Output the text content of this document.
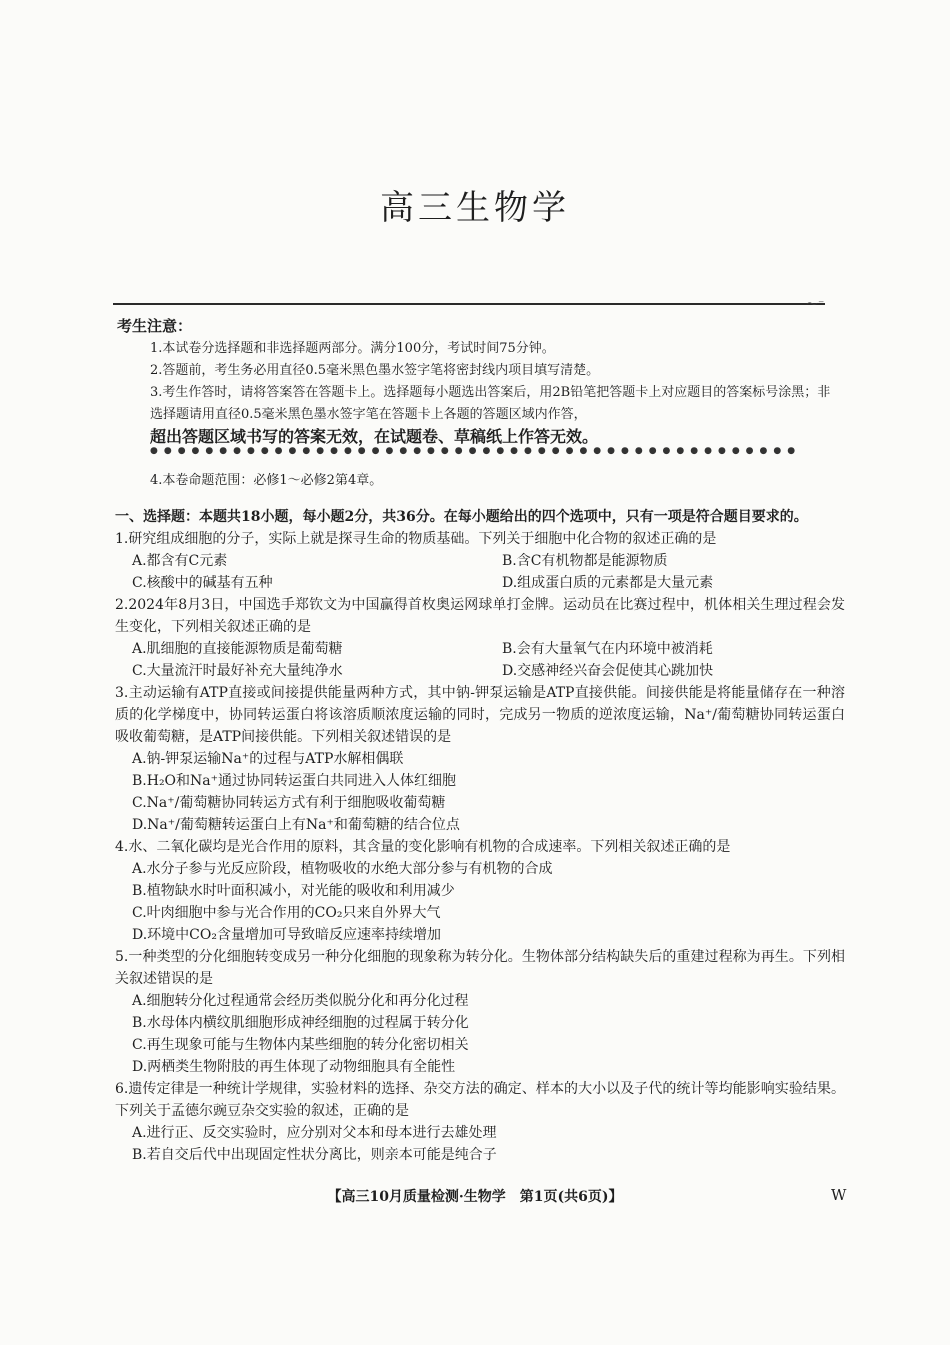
高三生物学
～⁻
考生注意：
1.本试卷分选择题和非选择题两部分。满分100分，考试时间75分钟。
2.答题前，考生务必用直径0.5毫米黑色墨水签字笔将密封线内项目填写清楚。
3.考生作答时，请将答案答在答题卡上。选择题每小题选出答案后，用2B铅笔把答题卡上对应题目的答案标号涂黑；非选择题请用直径0.5毫米黑色墨水签字笔在答题卡上各题的答题区域内作答，
超出答题区域书写的答案无效，在试题卷、草稿纸上作答无效。
●●●●●●●●●●●●●●●●●●●●●●●●●●●●●●●●●●●●●●●●●●●●●●●
4.本卷命题范围：必修1～必修2第4章。
一、选择题：本题共18小题，每小题2分，共36分。在每小题给出的四个选项中，只有一项是符合题目要求的。
1.研究组成细胞的分子，实际上就是探寻生命的物质基础。下列关于细胞中化合物的叙述正确的是
A.都含有C元素	B.含C有机物都是能源物质
C.核酸中的碱基有五种	D.组成蛋白质的元素都是大量元素
2.2024年8月3日，中国选手郑钦文为中国赢得首枚奥运网球单打金牌。运动员在比赛过程中，机体相关生理过程会发生变化，下列相关叙述正确的是
A.肌细胞的直接能源物质是葡萄糖	B.会有大量氧气在内环境中被消耗
C.大量流汗时最好补充大量纯净水	D.交感神经兴奋会促使其心跳加快
3.主动运输有ATP直接或间接提供能量两种方式，其中钠-钾泵运输是ATP直接供能。间接供能是将能量储存在一种溶质的化学梯度中，协同转运蛋白将该溶质顺浓度运输的同时，完成另一物质的逆浓度运输，Na⁺/葡萄糖协同转运蛋白吸收葡萄糖，是ATP间接供能。下列相关叙述错误的是
A.钠-钾泵运输Na⁺的过程与ATP水解相偶联
B.H₂O和Na⁺通过协同转运蛋白共同进入人体红细胞
C.Na⁺/葡萄糖协同转运方式有利于细胞吸收葡萄糖
D.Na⁺/葡萄糖转运蛋白上有Na⁺和葡萄糖的结合位点
4.水、二氧化碳均是光合作用的原料，其含量的变化影响有机物的合成速率。下列相关叙述正确的是
A.水分子参与光反应阶段，植物吸收的水绝大部分参与有机物的合成
B.植物缺水时叶面积减小，对光能的吸收和利用减少
C.叶肉细胞中参与光合作用的CO₂只来自外界大气
D.环境中CO₂含量增加可导致暗反应速率持续增加
5.一种类型的分化细胞转变成另一种分化细胞的现象称为转分化。生物体部分结构缺失后的重建过程称为再生。下列相关叙述错误的是
A.细胞转分化过程通常会经历类似脱分化和再分化过程
B.水母体内横纹肌细胞形成神经细胞的过程属于转分化
C.再生现象可能与生物体内某些细胞的转分化密切相关
D.两栖类生物附肢的再生体现了动物细胞具有全能性
6.遗传定律是一种统计学规律，实验材料的选择、杂交方法的确定、样本的大小以及子代的统计等均能影响实验结果。下列关于孟德尔豌豆杂交实验的叙述，正确的是
A.进行正、反交实验时，应分别对父本和母本进行去雄处理
B.若自交后代中出现固定性状分离比，则亲本可能是纯合子
【高三10月质量检测·生物学　第1页(共6页)】	W
